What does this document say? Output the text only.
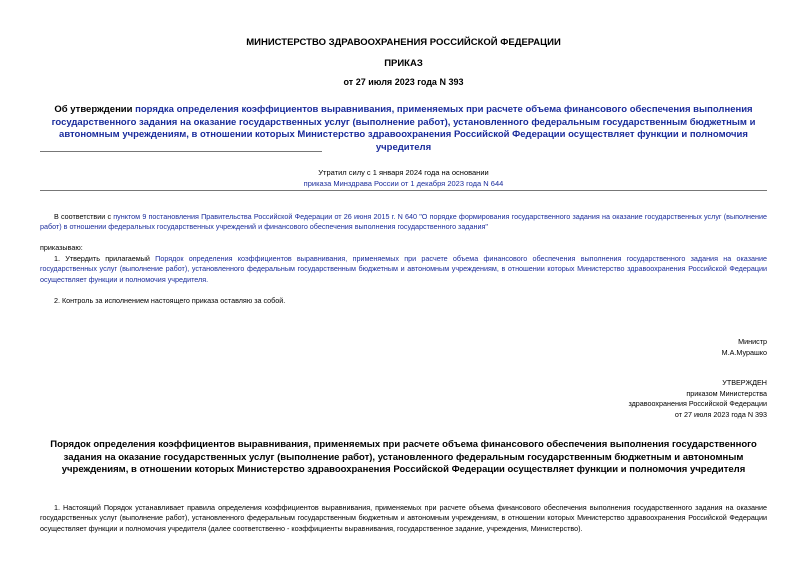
МИНИСТЕРСТВО ЗДРАВООХРАНЕНИЯ РОССИЙСКОЙ ФЕДЕРАЦИИ
ПРИКАЗ
от 27 июля 2023 года N 393
Об утверждении порядка определения коэффициентов выравнивания, применяемых при расчете объема финансового обеспечения выполнения государственного задания на оказание государственных услуг (выполнение работ), установленного федеральным государственным бюджетным и автономным учреждениям, в отношении которых Министерство здравоохранения Российской Федерации осуществляет функции и полномочия учредителя
Утратил силу с 1 января 2024 года на основании
приказа Минздрава России от 1 декабря 2023 года N 644
В соответствии с пунктом 9 постановления Правительства Российской Федерации от 26 июня 2015 г. N 640 "О порядке формирования государственного задания на оказание государственных услуг (выполнение работ) в отношении федеральных государственных учреждений и финансового обеспечения выполнения государственного задания"
приказываю:
1. Утвердить прилагаемый Порядок определения коэффициентов выравнивания, применяемых при расчете объема финансового обеспечения выполнения государственного задания на оказание государственных услуг (выполнение работ), установленного федеральным государственным бюджетным и автономным учреждениям, в отношении которых Министерство здравоохранения Российской Федерации осуществляет функции и полномочия учредителя.
2. Контроль за исполнением настоящего приказа оставляю за собой.
Министр
М.А.Мурашко
УТВЕРЖДЕН
приказом Министерства
здравоохранения Российской Федерации
от 27 июля 2023 года N 393
Порядок определения коэффициентов выравнивания, применяемых при расчете объема финансового обеспечения выполнения государственного задания на оказание государственных услуг (выполнение работ), установленного федеральным государственным бюджетным и автономным учреждениям, в отношении которых Министерство здравоохранения Российской Федерации осуществляет функции и полномочия учредителя
1. Настоящий Порядок устанавливает правила определения коэффициентов выравнивания, применяемых при расчете объема финансового обеспечения выполнения государственного задания на оказание государственных услуг (выполнение работ), установленного федеральным государственным бюджетным и автономным учреждениям, в отношении которых Министерство здравоохранения Российской Федерации осуществляет функции и полномочия учредителя (далее соответственно - коэффициенты выравнивания, государственное задание, учреждения, Министерство).
